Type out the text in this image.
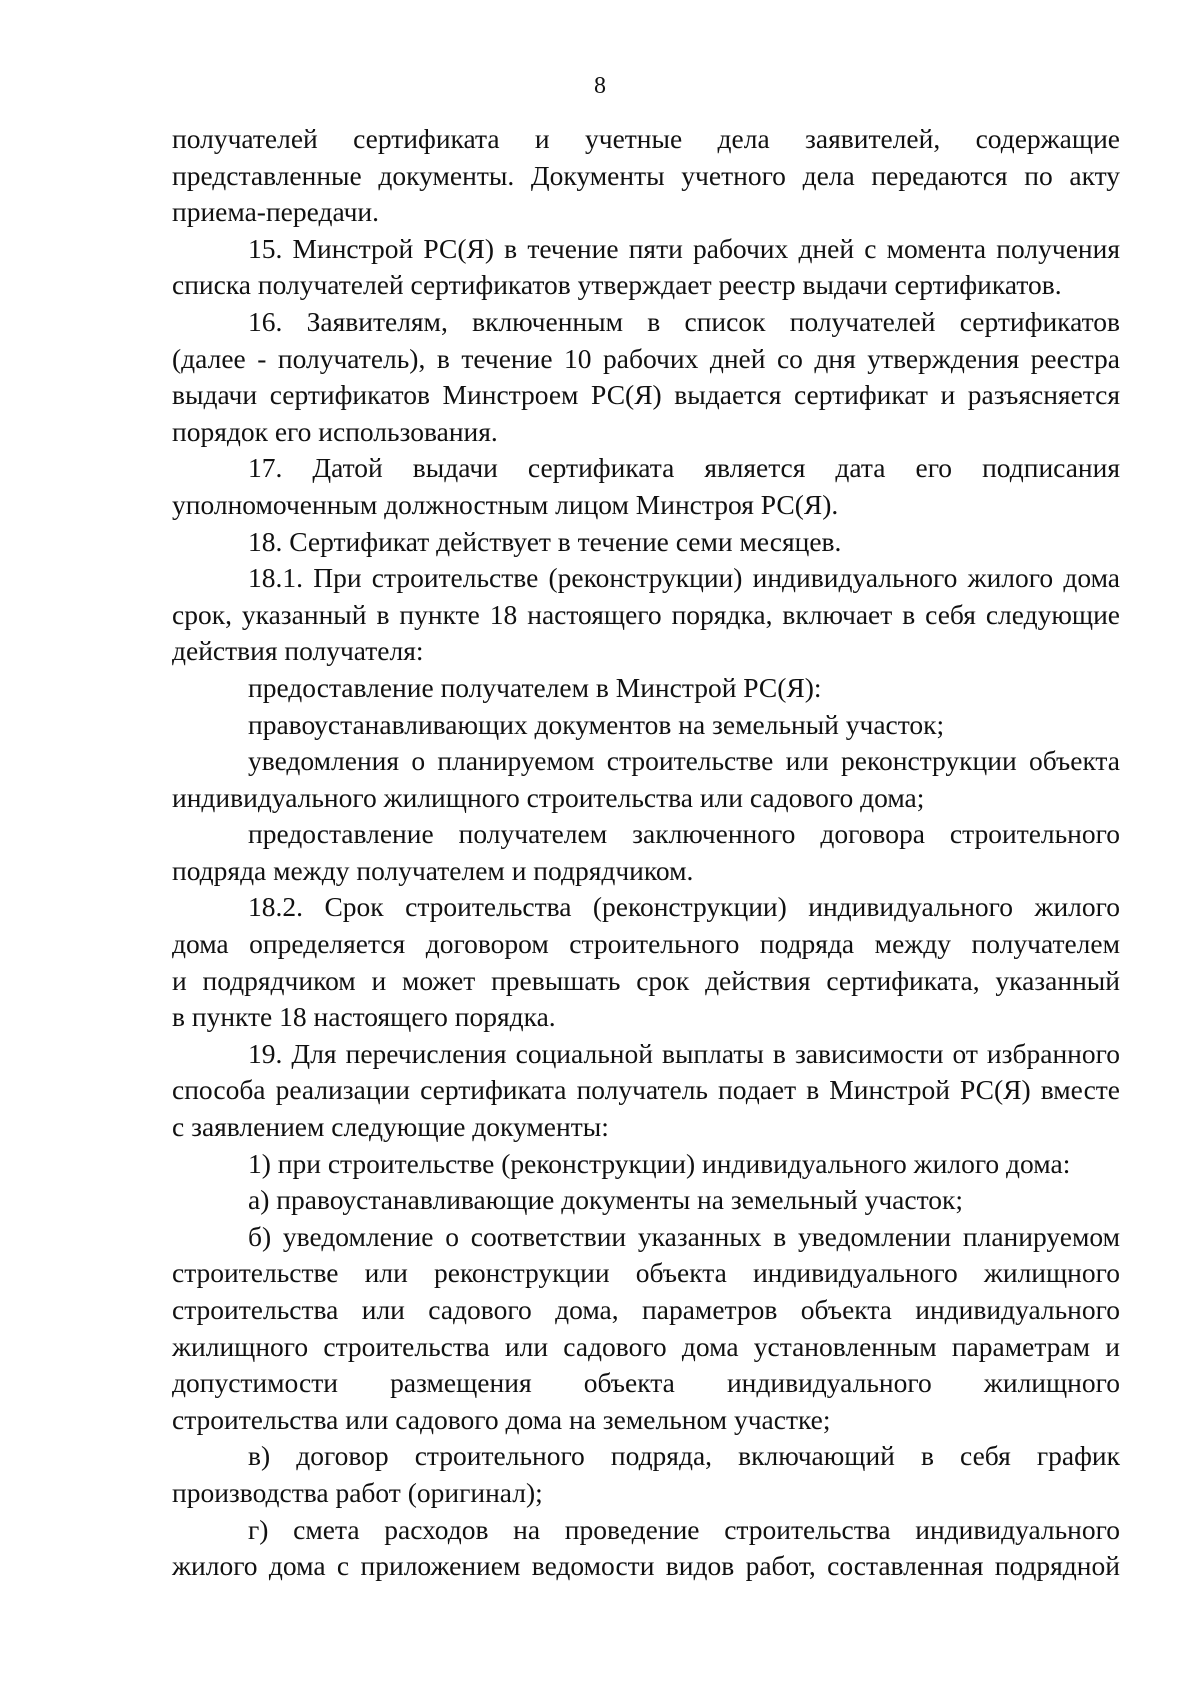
8
получателей сертификата и учетные дела заявителей, содержащие
представленные документы. Документы учетного дела передаются по акту
приема-передачи.
15. Минстрой РС(Я) в течение пяти рабочих дней с момента получения
списка получателей сертификатов утверждает реестр выдачи сертификатов.
16. Заявителям, включенным в список получателей сертификатов
(далее - получатель), в течение 10 рабочих дней со дня утверждения реестра
выдачи сертификатов Минстроем РС(Я) выдается сертификат и разъясняется
порядок его использования.
17. Датой выдачи сертификата является дата его подписания
уполномоченным должностным лицом Минстроя РС(Я).
18. Сертификат действует в течение семи месяцев.
18.1. При строительстве (реконструкции) индивидуального жилого дома
срок, указанный в пункте 18 настоящего порядка, включает в себя следующие
действия получателя:
предоставление получателем в Минстрой РС(Я):
правоустанавливающих документов на земельный участок;
уведомления о планируемом строительстве или реконструкции объекта
индивидуального жилищного строительства или садового дома;
предоставление получателем заключенного договора строительного
подряда между получателем и подрядчиком.
18.2. Срок строительства (реконструкции) индивидуального жилого
дома определяется договором строительного подряда между получателем
и подрядчиком и может превышать срок действия сертификата, указанный
в пункте 18 настоящего порядка.
19. Для перечисления социальной выплаты в зависимости от избранного
способа реализации сертификата получатель подает в Минстрой РС(Я) вместе
с заявлением следующие документы:
1) при строительстве (реконструкции) индивидуального жилого дома:
а) правоустанавливающие документы на земельный участок;
б) уведомление о соответствии указанных в уведомлении планируемом
строительстве или реконструкции объекта индивидуального жилищного
строительства или садового дома, параметров объекта индивидуального
жилищного строительства или садового дома установленным параметрам и
допустимости размещения объекта индивидуального жилищного
строительства или садового дома на земельном участке;
в) договор строительного подряда, включающий в себя график
производства работ (оригинал);
г) смета расходов на проведение строительства индивидуального
жилого дома с приложением ведомости видов работ, составленная подрядной
